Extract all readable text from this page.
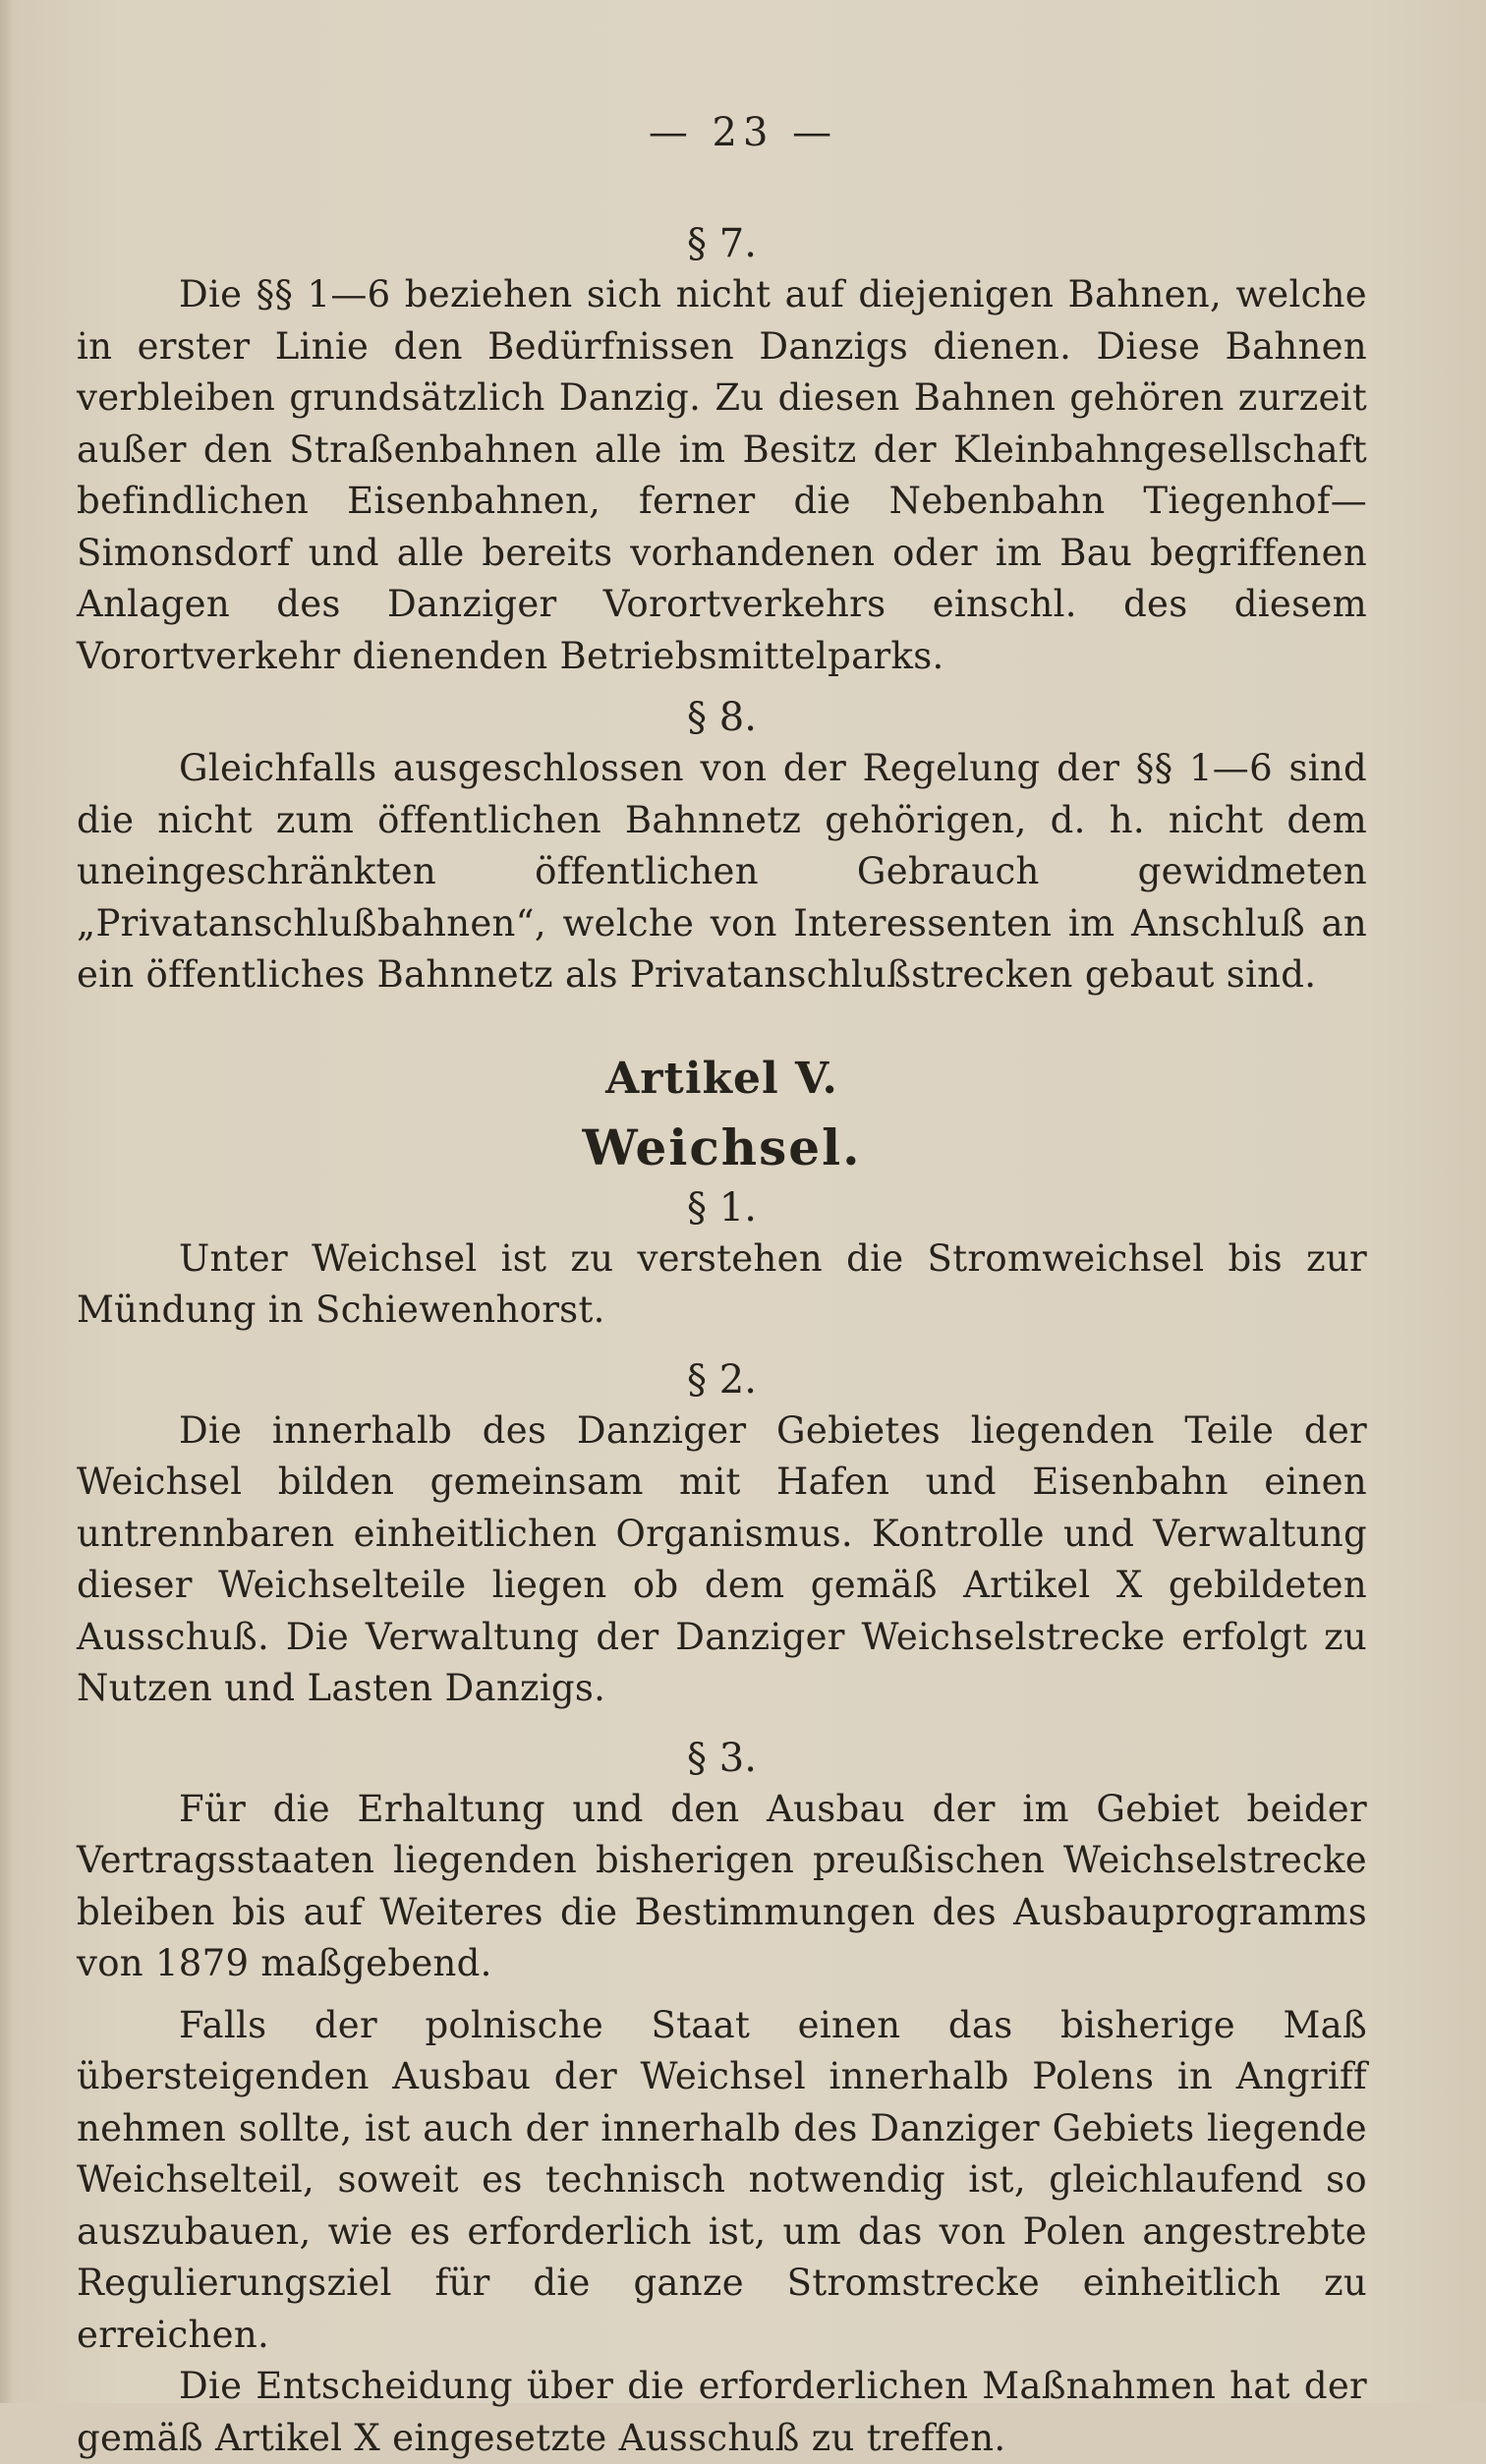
— 23 —
§ 7.

Die §§ 1—6 beziehen sich nicht auf diejenigen Bahnen, welche in erster Linie den Bedürfnissen Danzigs dienen. Diese Bahnen verbleiben grundsätzlich Danzig. Zu diesen Bahnen gehören zurzeit außer den Straßenbahnen alle im Besitz der Kleinbahngesellschaft befindlichen Eisenbahnen, ferner die Nebenbahn Tiegenhof—Simonsdorf und alle bereits vorhandenen oder im Bau begriffenen Anlagen des Danziger Vorortverkehrs einschl. des diesem Vorortverkehr dienenden Betriebsmittelparks.

§ 8.

Gleichfalls ausgeschlossen von der Regelung der §§ 1—6 sind die nicht zum öffentlichen Bahnnetz gehörigen, d. h. nicht dem uneingeschränkten öffentlichen Gebrauch gewidmeten „Privatanschlußbahnen“, welche von Interessenten im Anschluß an ein öffentliches Bahnnetz als Privatanschlußstrecken gebaut sind.

Artikel V.
Weichsel.
§ 1.

Unter Weichsel ist zu verstehen die Stromweichsel bis zur Mündung in Schiewenhorst.

§ 2.

Die innerhalb des Danziger Gebietes liegenden Teile der Weichsel bilden gemeinsam mit Hafen und Eisenbahn einen untrennbaren einheitlichen Organismus. Kontrolle und Verwaltung dieser Weichselteile liegen ob dem gemäß Artikel X gebildeten Ausschuß. Die Verwaltung der Danziger Weichselstrecke erfolgt zu Nutzen und Lasten Danzigs.

§ 3.

Für die Erhaltung und den Ausbau der im Gebiet beider Vertragsstaaten liegenden bisherigen preußischen Weichselstrecke bleiben bis auf Weiteres die Bestimmungen des Ausbauprogramms von 1879 maßgebend.

Falls der polnische Staat einen das bisherige Maß übersteigenden Ausbau der Weichsel innerhalb Polens in Angriff nehmen sollte, ist auch der innerhalb des Danziger Gebiets liegende Weichselteil, soweit es technisch notwendig ist, gleichlaufend so auszubauen, wie es erforderlich ist, um das von Polen angestrebte Regulierungsziel für die ganze Stromstrecke einheitlich zu erreichen.

Die Entscheidung über die erforderlichen Maßnahmen hat der gemäß Artikel X eingesetzte Ausschuß zu treffen.
